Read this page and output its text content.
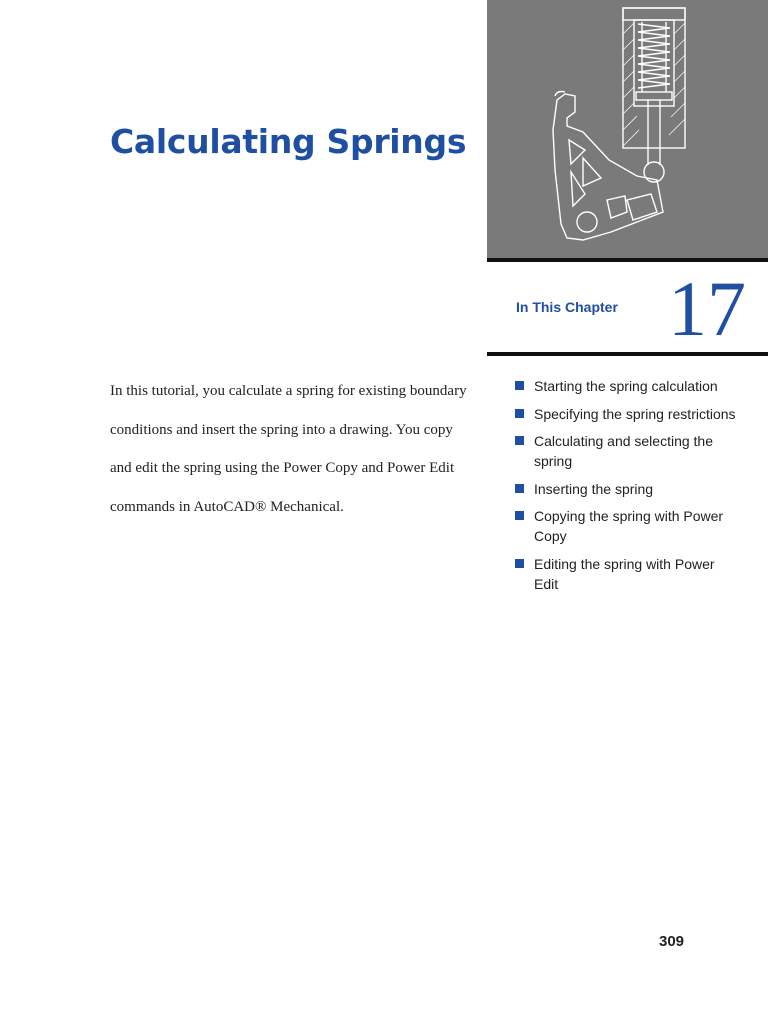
Calculating Springs
In This Chapter 17

In this tutorial, you calculate a spring for existing boundary conditions and insert the spring into a drawing. You copy and edit the spring using the Power Copy and Power Edit commands in AutoCAD® Mechanical.

Starting the spring calculation
Specifying the spring restrictions
Calculating and selecting the spring
Inserting the spring
Copying the spring with Power Copy
Editing the spring with Power Edit
309
